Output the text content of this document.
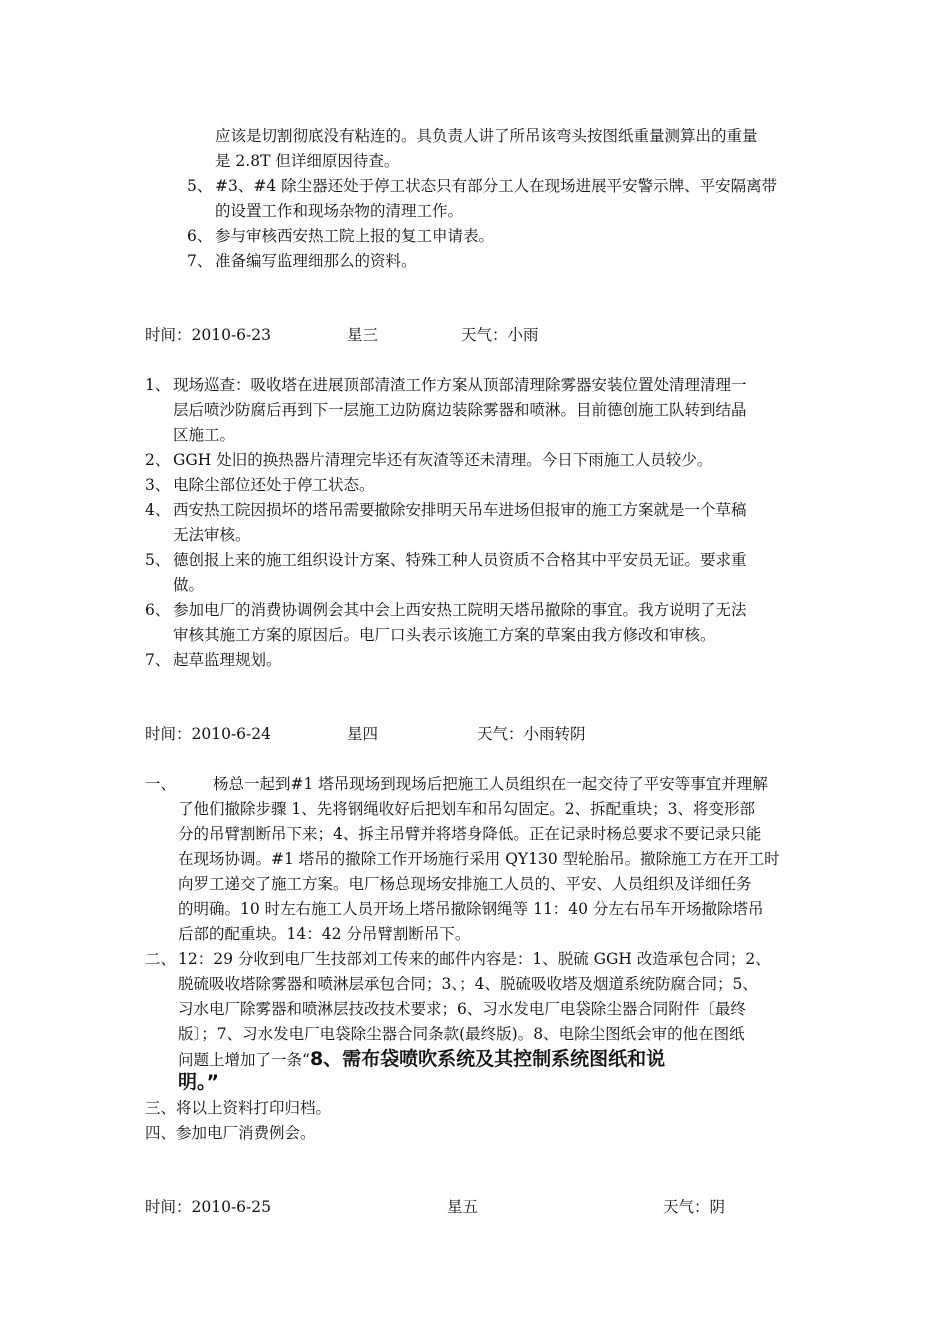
应该是切割彻底没有粘连的。具负责人讲了所吊该弯头按图纸重量测算出的重量
是 2.8T 但详细原因待查。
5、 #3、#4 除尘器还处于停工状态只有部分工人在现场进展平安警示牌、平安隔离带
的设置工作和现场杂物的清理工作。
6、 参与审核西安热工院上报的复工申请表。
7、 准备编写监理细那么的资料。
时间：2010-6-23	星三	天气：小雨
1、 现场巡查：吸收塔在进展顶部清渣工作方案从顶部清理除雾器安装位置处清理清理一
层后喷沙防腐后再到下一层施工边防腐边装除雾器和喷淋。目前德创施工队转到结晶
区施工。
2、 GGH 处旧的换热器片清理完毕还有灰渣等还未清理。今日下雨施工人员较少。
3、 电除尘部位还处于停工状态。
4、 西安热工院因损坏的塔吊需要撤除安排明天吊车进场但报审的施工方案就是一个草稿
无法审核。
5、 德创报上来的施工组织设计方案、特殊工种人员资质不合格其中平安员无证。要求重
做。
6、 参加电厂的消费协调例会其中会上西安热工院明天塔吊撤除的事宜。我方说明了无法
审核其施工方案的原因后。电厂口头表示该施工方案的草案由我方修改和审核。
7、 起草监理规划。
时间：2010-6-24	星四	天气：小雨转阴
一、 杨总一起到#1 塔吊现场到现场后把施工人员组织在一起交待了平安等事宜并理解
了他们撤除步骤 1、先将钢绳收好后把划车和吊勾固定。2、拆配重块；3、将变形部
分的吊臂割断吊下来；4、拆主吊臂并将塔身降低。正在记录时杨总要求不要记录只能
在现场协调。#1 塔吊的撤除工作开场施行采用 QY130 型轮胎吊。撤除施工方在开工时
向罗工递交了施工方案。电厂杨总现场安排施工人员的、平安、人员组织及详细任务
的明确。10 时左右施工人员开场上塔吊撤除钢绳等 11：40 分左右吊车开场撤除塔吊
后部的配重块。14：42 分吊臂割断吊下。
二、 12：29 分收到电厂生技部刘工传来的邮件内容是：1、脱硫 GGH 改造承包合同；2、
脱硫吸收塔除雾器和喷淋层承包合同；3、；4、脱硫吸收塔及烟道系统防腐合同；5、
习水电厂除雾器和喷淋层技改技术要求；6、习水发电厂电袋除尘器合同附件〔最终
版〕；7、习水发电厂电袋除尘器合同条款(最终版)。8、电除尘图纸会审的他在图纸
问题上增加了一条“8、需布袋喷吹系统及其控制系统图纸和说
明。”
三、将以上资料打印归档。
四、参加电厂消费例会。
时间：2010-6-25	星五	天气：阴
